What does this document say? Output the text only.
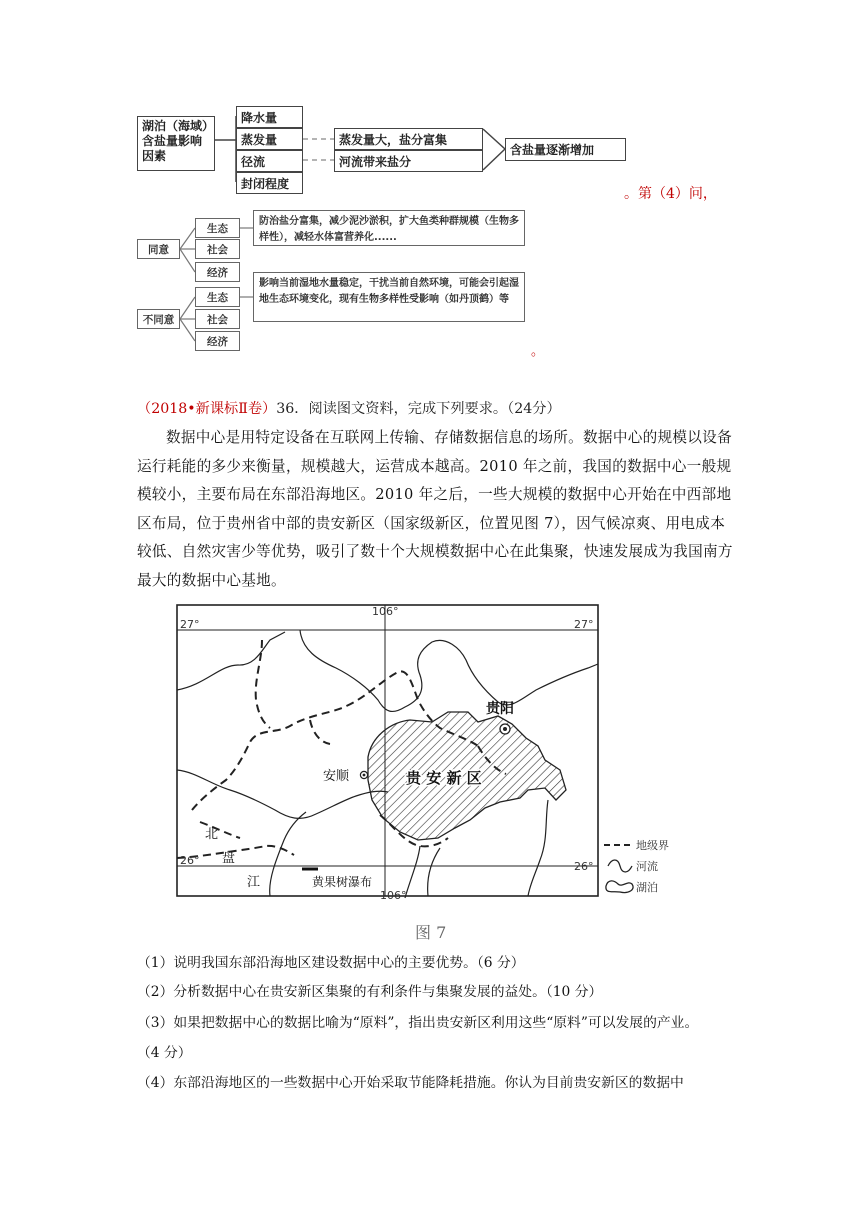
湖泊（海域）含盐量影响因素
降水量
蒸发量
径流
封闭程度
蒸发量大，盐分富集
河流带来盐分
含盐量逐渐增加
。第（4）问，
同意
不同意
生态
社会
经济
生态
社会
经济
防治盐分富集，减少泥沙淤积，扩大鱼类种群规模（生物多样性），减轻水体富营养化......
影响当前湿地水量稳定，干扰当前自然环境，可能会引起湿地生态环境变化，现有生物多样性受影响（如丹顶鹤）等
。
（2018•新课标Ⅱ卷）36．阅读图文资料，完成下列要求。（24分）
数据中心是用特定设备在互联网上传输、存储数据信息的场所。数据中心的规模以设备
运行耗能的多少来衡量，规模越大，运营成本越高。2010 年之前，我国的数据中心一般规
模较小，主要布局在东部沿海地区。2010 年之后，一些大规模的数据中心开始在中西部地
区布局，位于贵州省中部的贵安新区（国家级新区，位置见图 7），因气候凉爽、用电成本
较低、自然灾害少等优势，吸引了数十个大规模数据中心在此集聚，快速发展成为我国南方
最大的数据中心基地。
106°
106°
27°	27°
26°	26°
贵阳
贵 安 新 区
安顺
北
盘
江	黄果树瀑布
地级界
河流
湖泊
图 7
（1）说明我国东部沿海地区建设数据中心的主要优势。（6 分）
（2）分析数据中心在贵安新区集聚的有利条件与集聚发展的益处。（10 分）
（3）如果把数据中心的数据比喻为“原料”，指出贵安新区利用这些“原料”可以发展的产业。
（4 分）
（4）东部沿海地区的一些数据中心开始采取节能降耗措施。你认为目前贵安新区的数据中
